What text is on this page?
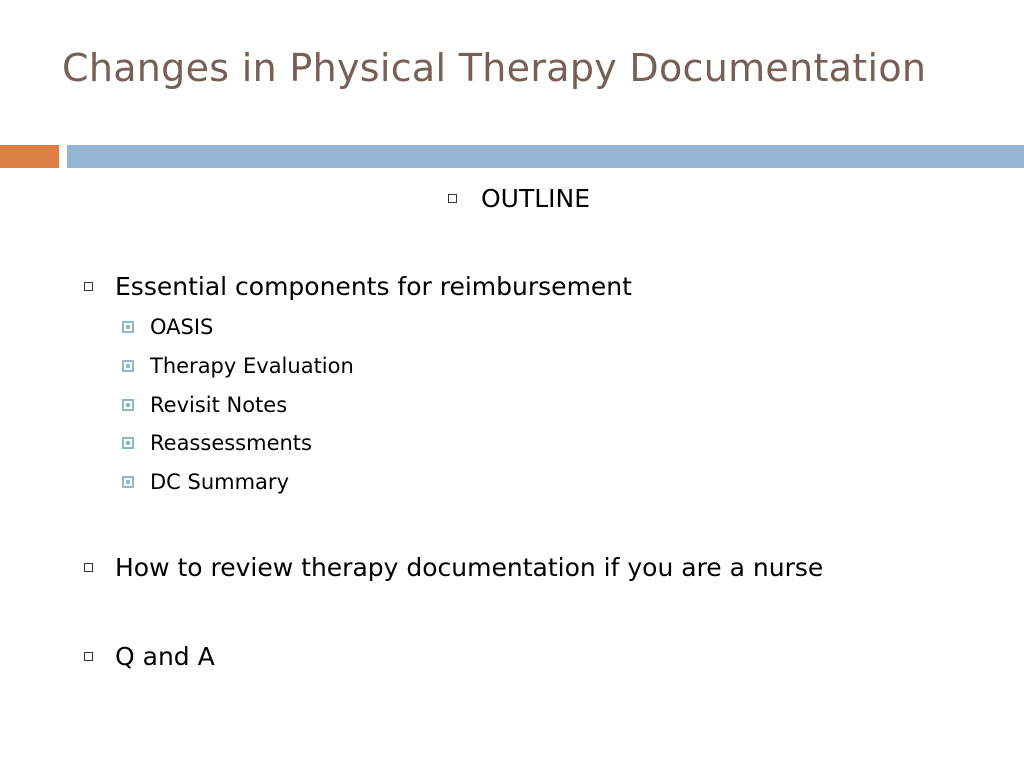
Changes in Physical Therapy Documentation
OUTLINE
Essential components for reimbursement
OASIS
Therapy Evaluation
Revisit Notes
Reassessments
DC Summary
How to review therapy documentation if you are a nurse
Q and A
